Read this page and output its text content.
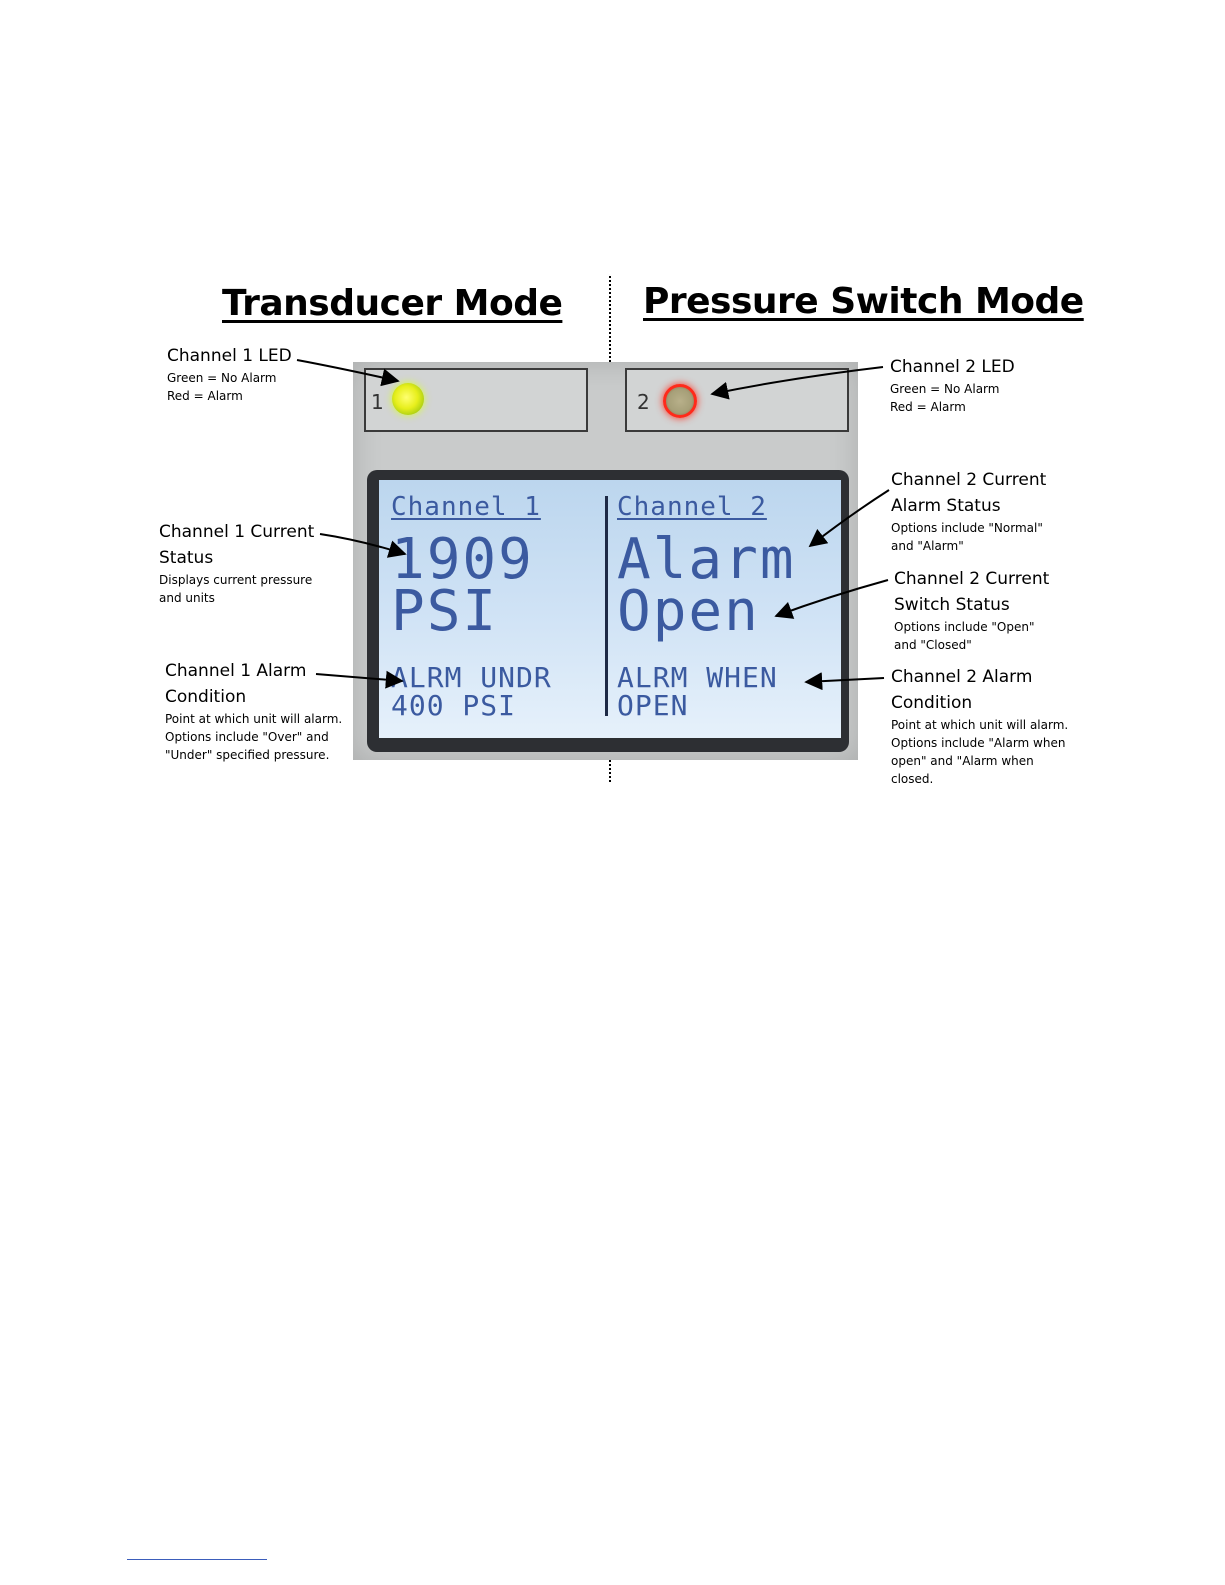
Transducer Mode Pressure Switch Mode
1	2
Channel 1
1909
PSI
ALRM UNDR
400 PSI
Channel 2
Alarm
Open
ALRM WHEN
OPEN
Channel 1 LED
Green = No Alarm
Red = Alarm
Channel 1 Current
Status
Displays current pressure
and units
Channel 1 Alarm
Condition
Point at which unit will alarm.
Options include "Over" and
"Under" specified pressure.
Channel 2 LED
Green = No Alarm
Red = Alarm
Channel 2 Current
Alarm Status
Options include "Normal"
and "Alarm"
Channel 2 Current
Switch Status
Options include "Open"
and "Closed"
Channel 2 Alarm
Condition
Point at which unit will alarm.
Options include "Alarm when
open" and "Alarm when
closed.
